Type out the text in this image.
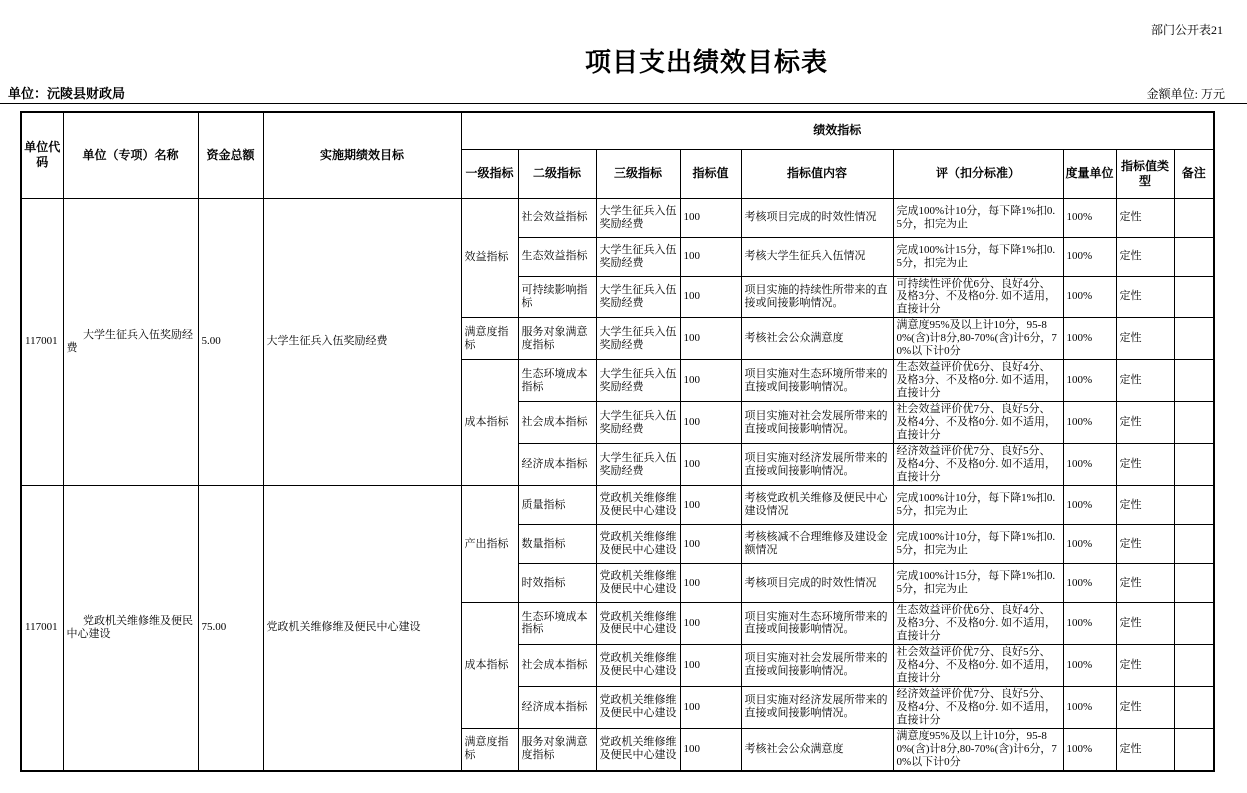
部门公开表21
项目支出绩效目标表
单位：沅陵县财政局	金额单位: 万元
单位代码	单位（专项）名称	资金总额	实施期绩效目标	绩效指标								
				一级指标	二级指标	三级指标	指标值	指标值内容	评（扣分标准）	度量单位	指标值类型	备注
117001	大学生征兵入伍奖励经费	5.00	大学生征兵入伍奖励经费	效益指标	社会效益指标	大学生征兵入伍奖励经费	100	考核项目完成的时效性情况	完成100%计10分，每下降1%扣0.5分，扣完为止	100%	定性	
					生态效益指标	大学生征兵入伍奖励经费	100	考核大学生征兵入伍情况	完成100%计15分，每下降1%扣0.5分，扣完为止	100%	定性	
					可持续影响指标	大学生征兵入伍奖励经费	100	项目实施的持续性所带来的直接或间接影响情况。	可持续性评价优6分、良好4分、及格3分、不及格0分. 如不适用，直接计分	100%	定性	
				满意度指标	服务对象满意度指标	大学生征兵入伍奖励经费	100	考核社会公众满意度	满意度95%及以上计10分，95-80%(含)计8分,80-70%(含)计6分，70%以下计0分	100%	定性	
				成本指标	生态环境成本指标	大学生征兵入伍奖励经费	100	项目实施对生态环境所带来的直接或间接影响情况。	生态效益评价优6分、良好4分、及格3分、不及格0分. 如不适用，直接计分	100%	定性	
					社会成本指标	大学生征兵入伍奖励经费	100	项目实施对社会发展所带来的直接或间接影响情况。	社会效益评价优7分、良好5分、及格4分、不及格0分. 如不适用，直接计分	100%	定性	
					经济成本指标	大学生征兵入伍奖励经费	100	项目实施对经济发展所带来的直接或间接影响情况。	经济效益评价优7分、良好5分、及格4分、不及格0分. 如不适用，直接计分	100%	定性	
117001	党政机关维修维及便民中心建设	75.00	党政机关维修维及便民中心建设	产出指标	质量指标	党政机关维修维及便民中心建设	100	考核党政机关维修及便民中心建设情况	完成100%计10分，每下降1%扣0.5分，扣完为止	100%	定性	
					数量指标	党政机关维修维及便民中心建设	100	考核核减不合理维修及建设金额情况	完成100%计10分，每下降1%扣0.5分，扣完为止	100%	定性	
					时效指标	党政机关维修维及便民中心建设	100	考核项目完成的时效性情况	完成100%计15分，每下降1%扣0.5分，扣完为止	100%	定性	
				成本指标	生态环境成本指标	党政机关维修维及便民中心建设	100	项目实施对生态环境所带来的直接或间接影响情况。	生态效益评价优6分、良好4分、及格3分、不及格0分. 如不适用，直接计分	100%	定性	
					社会成本指标	党政机关维修维及便民中心建设	100	项目实施对社会发展所带来的直接或间接影响情况。	社会效益评价优7分、良好5分、及格4分、不及格0分. 如不适用，直接计分	100%	定性	
					经济成本指标	党政机关维修维及便民中心建设	100	项目实施对经济发展所带来的直接或间接影响情况。	经济效益评价优7分、良好5分、及格4分、不及格0分. 如不适用，直接计分	100%	定性	
				满意度指标	服务对象满意度指标	党政机关维修维及便民中心建设	100	考核社会公众满意度	满意度95%及以上计10分，95-80%(含)计8分,80-70%(含)计6分，70%以下计0分	100%	定性	
